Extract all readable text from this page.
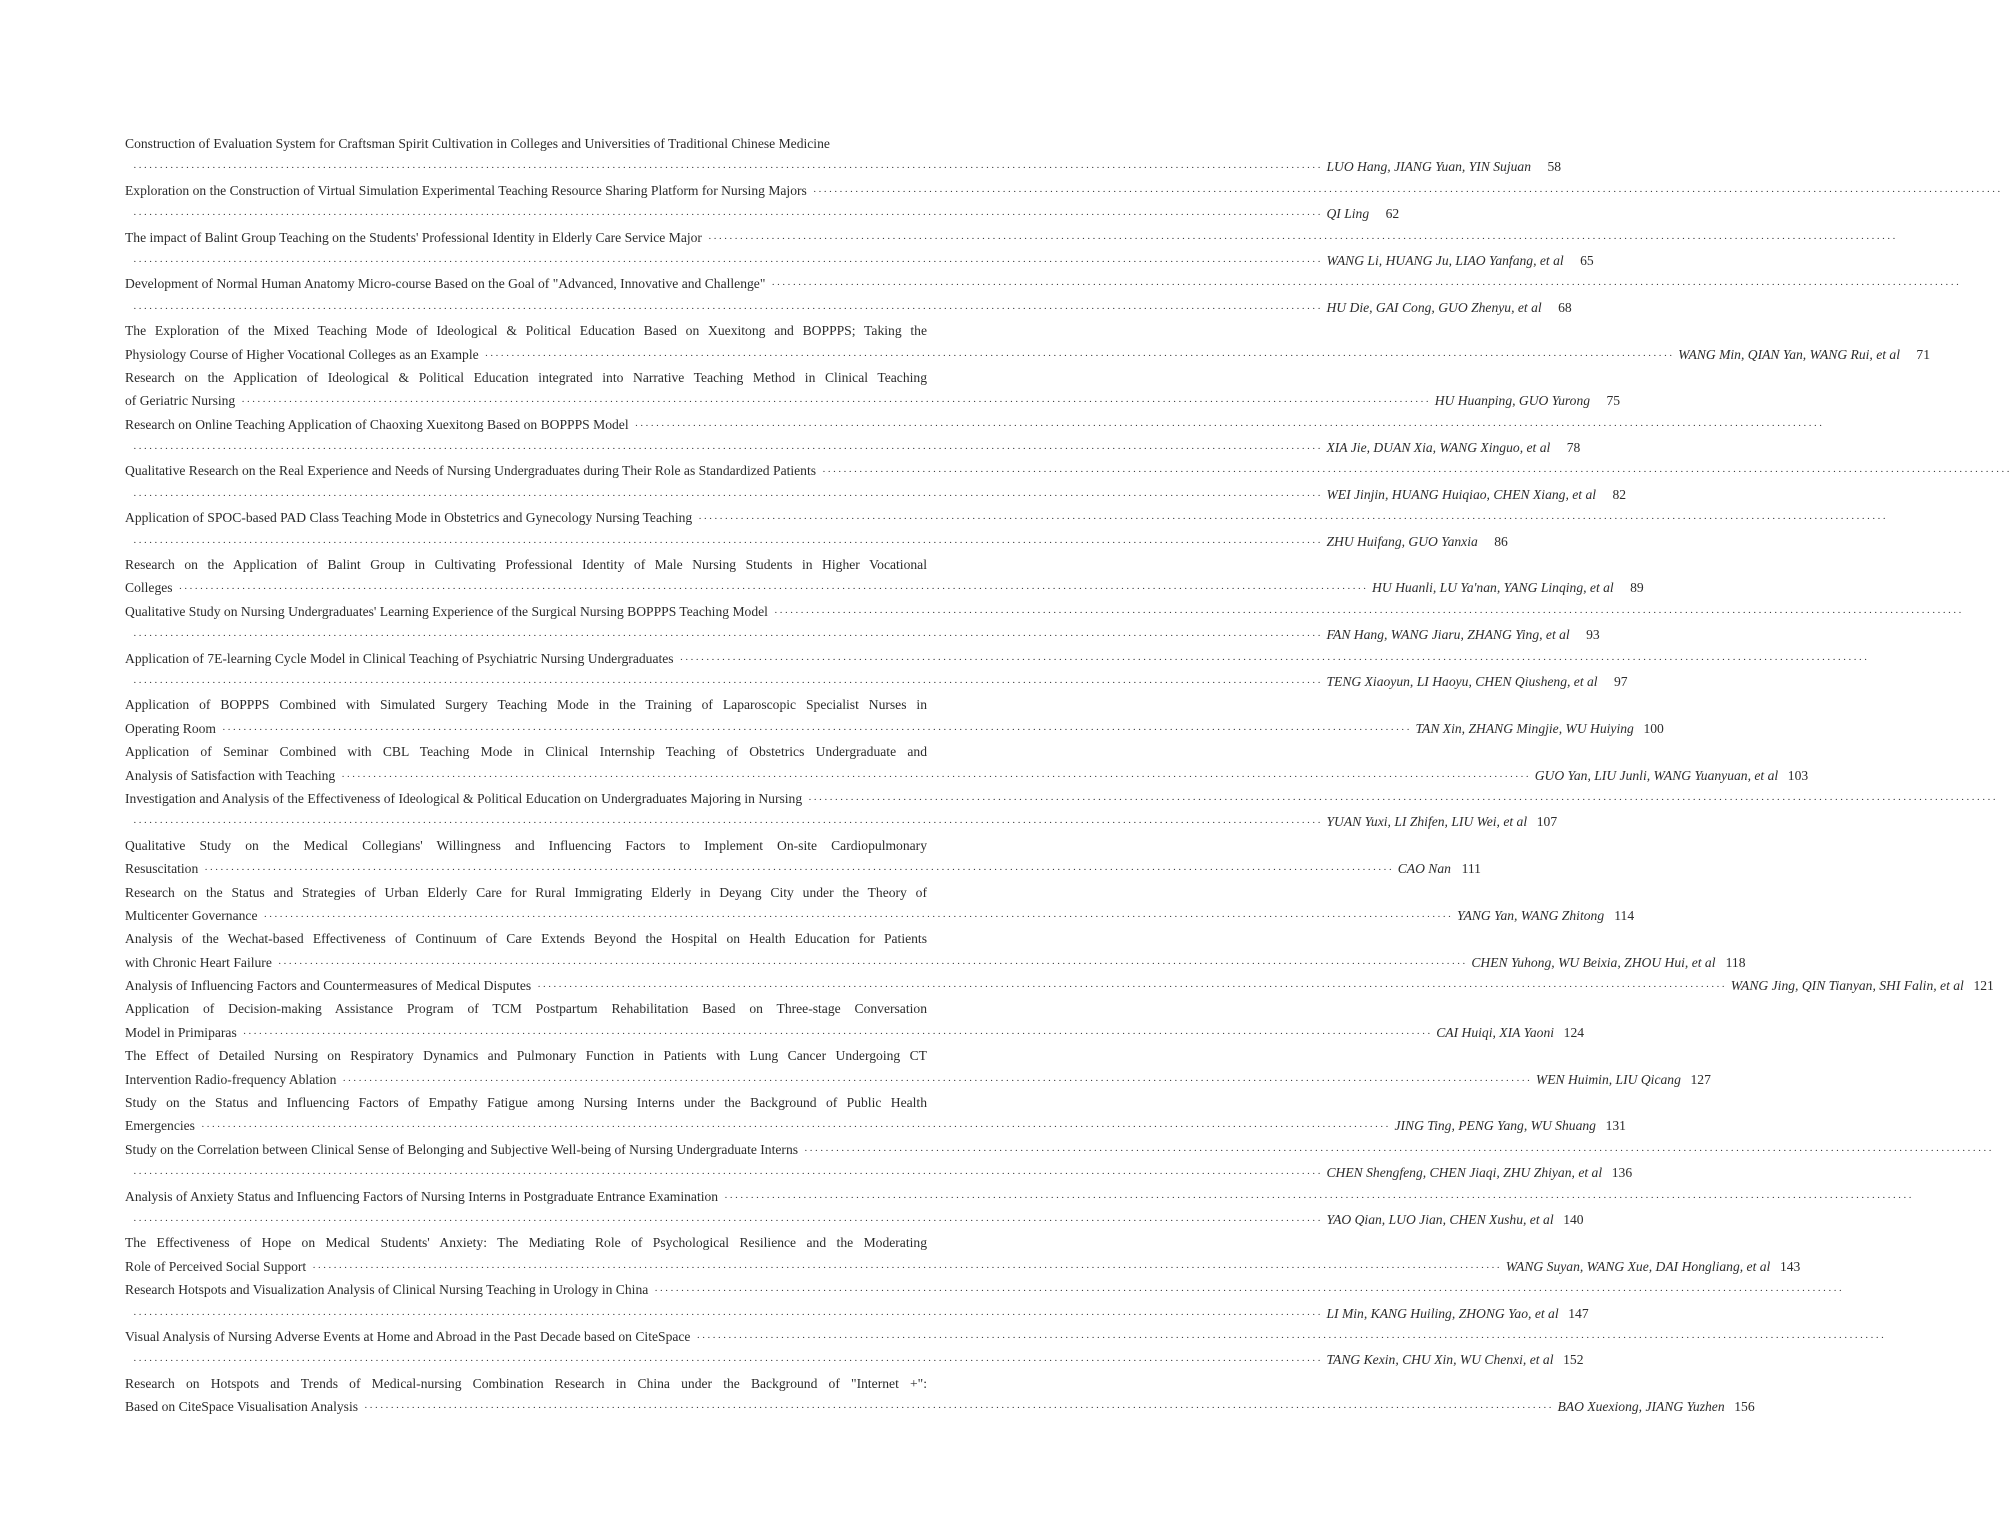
Construction of Evaluation System for Craftsman Spirit Cultivation in Colleges and Universities of Traditional Chinese Medicine
·····
LUO Hang, JIANG Yuan, YIN Sujuan	58
Exploration on the Construction of Virtual Simulation Experimental Teaching Resource Sharing Platform for Nursing Majors
·····
·····
QI Ling	62
The impact of Balint Group Teaching on the Students' Professional Identity in Elderly Care Service Major
·····
·····
WANG Li, HUANG Ju, LIAO Yanfang, et al	65
Development of Normal Human Anatomy Micro-course Based on the Goal of "Advanced, Innovative and Challenge"
·····
·····
HU Die, GAI Cong, GUO Zhenyu, et al	68
The Exploration of the Mixed Teaching Mode of Ideological & Political Education Based on Xuexitong and BOPPPS; Taking the
Physiology Course of Higher Vocational Colleges as an Example ·····	WANG Min, QIAN Yan, WANG Rui, et al	71
Research on the Application of Ideological & Political Education integrated into Narrative Teaching Method in Clinical Teaching
of Geriatric Nursing ·····	HU Huanping, GUO Yurong	75
Research on Online Teaching Application of Chaoxing Xuexitong Based on BOPPPS Model
·····
·····
XIA Jie, DUAN Xia, WANG Xinguo, et al	78
Qualitative Research on the Real Experience and Needs of Nursing Undergraduates during Their Role as Standardized Patients
·····
·····
WEI Jinjin, HUANG Huiqiao, CHEN Xiang, et al	82
Application of SPOC-based PAD Class Teaching Mode in Obstetrics and Gynecology Nursing Teaching
·····
·····
ZHU Huifang, GUO Yanxia	86
Research on the Application of Balint Group in Cultivating Professional Identity of Male Nursing Students in Higher Vocational
Colleges ·····	HU Huanli, LU Ya'nan, YANG Linqing, et al	89
Qualitative Study on Nursing Undergraduates' Learning Experience of the Surgical Nursing BOPPPS Teaching Model
·····
·····
FAN Hang, WANG Jiaru, ZHANG Ying, et al	93
Application of 7E-learning Cycle Model in Clinical Teaching of Psychiatric Nursing Undergraduates
·····
·····
TENG Xiaoyun, LI Haoyu, CHEN Qiusheng, et al	97
Application of BOPPPS Combined with Simulated Surgery Teaching Mode in the Training of Laparoscopic Specialist Nurses in
Operating Room ·····	TAN Xin, ZHANG Mingjie, WU Huiying 100
Application of Seminar Combined with CBL Teaching Mode in Clinical Internship Teaching of Obstetrics Undergraduate and
Analysis of Satisfaction with Teaching ·····	GUO Yan, LIU Junli, WANG Yuanyuan, et al 103
Investigation and Analysis of the Effectiveness of Ideological & Political Education on Undergraduates Majoring in Nursing
·····
·····
YUAN Yuxi, LI Zhifen, LIU Wei, et al 107
Qualitative Study on the Medical Collegians' Willingness and Influencing Factors to Implement On-site Cardiopulmonary
Resuscitation ·····	CAO Nan 111
Research on the Status and Strategies of Urban Elderly Care for Rural Immigrating Elderly in Deyang City under the Theory of
Multicenter Governance ·····	YANG Yan, WANG Zhitong 114
Analysis of the Wechat-based Effectiveness of Continuum of Care Extends Beyond the Hospital on Health Education for Patients
with Chronic Heart Failure ·····	CHEN Yuhong, WU Beixia, ZHOU Hui, et al 118
Analysis of Influencing Factors and Countermeasures of Medical Disputes ·····	WANG Jing, QIN Tianyan, SHI Falin, et al 121
Application of Decision-making Assistance Program of TCM Postpartum Rehabilitation Based on Three-stage Conversation
Model in Primiparas ·····	CAI Huiqi, XIA Yaoni 124
The Effect of Detailed Nursing on Respiratory Dynamics and Pulmonary Function in Patients with Lung Cancer Undergoing CT
Intervention Radio-frequency Ablation ·····	WEN Huimin, LIU Qicang 127
Study on the Status and Influencing Factors of Empathy Fatigue among Nursing Interns under the Background of Public Health
Emergencies ·····	JING Ting, PENG Yang, WU Shuang 131
Study on the Correlation between Clinical Sense of Belonging and Subjective Well-being of Nursing Undergraduate Interns
·····
·····
CHEN Shengfeng, CHEN Jiaqi, ZHU Zhiyan, et al 136
Analysis of Anxiety Status and Influencing Factors of Nursing Interns in Postgraduate Entrance Examination
·····
·····
YAO Qian, LUO Jian, CHEN Xushu, et al 140
The Effectiveness of Hope on Medical Students' Anxiety: The Mediating Role of Psychological Resilience and the Moderating
Role of Perceived Social Support ·····	WANG Suyan, WANG Xue, DAI Hongliang, et al 143
Research Hotspots and Visualization Analysis of Clinical Nursing Teaching in Urology in China
·····
·····
LI Min, KANG Huiling, ZHONG Yao, et al 147
Visual Analysis of Nursing Adverse Events at Home and Abroad in the Past Decade based on CiteSpace
·····
·····
TANG Kexin, CHU Xin, WU Chenxi, et al 152
Research on Hotspots and Trends of Medical-nursing Combination Research in China under the Background of "Internet +":
Based on CiteSpace Visualisation Analysis ·····	BAO Xuexiong, JIANG Yuzhen 156
